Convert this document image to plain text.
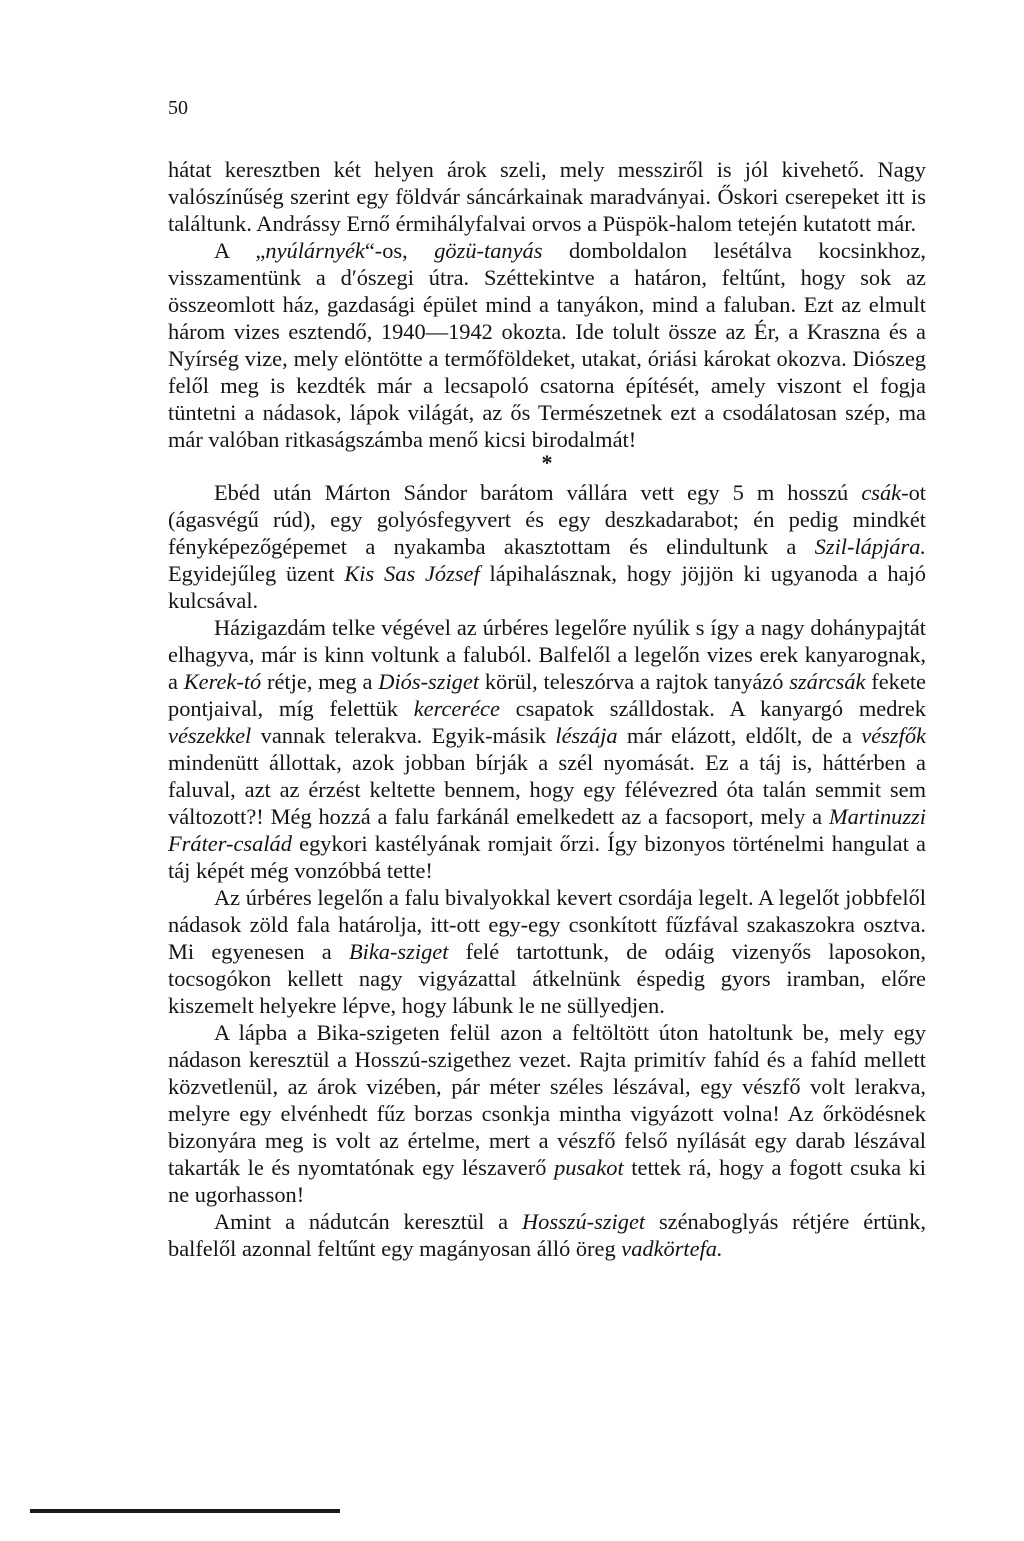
50

hátat keresztben két helyen árok szeli, mely messziről is jól kivehető. Nagy valószínűség szerint egy földvár sáncárkainak maradványai. Őskori cserepeket itt is találtunk. Andrássy Ernő érmihályfalvai orvos a Püspök-halom tetején kutatott már.

A „nyúlárnyék“-os, gözü-tanyás domboldalon lesétálva kocsinkhoz, visszamentünk a d′ószegi útra. Széttekintve a határon, feltűnt, hogy sok az összeomlott ház, gazdasági épület mind a tanyákon, mind a faluban. Ezt az elmult három vizes esztendő, 1940—1942 okozta. Ide tolult össze az Ér, a Kraszna és a Nyírség vize, mely elöntötte a termőföldeket, utakat, óriási károkat okozva. Diószeg felől meg is kezdték már a lecsapoló csatorna építését, amely viszont el fogja tüntetni a nádasok, lápok világát, az ős Természetnek ezt a csodálatosan szép, ma már valóban ritkaságszámba menő kicsi birodalmát!

*

Ebéd után Márton Sándor barátom vállára vett egy 5 m hosszú csák-ot (ágasvégű rúd), egy golyósfegyvert és egy deszkadarabot; én pedig mindkét fényképezőgépemet a nyakamba akasztottam és elindultunk a Szil-lápjára. Egyidejűleg üzent Kis Sas József lápihalásznak, hogy jöjjön ki ugyanoda a hajó kulcsával.

Házigazdám telke végével az úrbéres legelőre nyúlik s így a nagy dohánypajtát elhagyva, már is kinn voltunk a faluból. Balfelől a legelőn vizes erek kanyarognak, a Kerek-tó rétje, meg a Diós-sziget körül, teleszórva a rajtok tanyázó szárcsák fekete pontjaival, míg felettük kercerécе csapatok szálldostak. A kanyargó medrek vészekkel vannak telerakva. Egyik-másik lészája már elázott, eldőlt, de a vészfők mindenütt állottak, azok jobban bírják a szél nyomását. Ez a táj is, háttérben a faluval, azt az érzést keltette bennem, hogy egy félévezred óta talán semmit sem változott?! Még hozzá a falu farkánál emelkedett az a facsoport, mely a Martinuzzi Fráter-család egykori kastélyának romjait őrzi. Így bizonyos történelmi hangulat a táj képét még vonzóbbá tette!

Az úrbéres legelőn a falu bivalyokkal kevert csordája legelt. A legelőt jobbfelől nádasok zöld fala határolja, itt-ott egy-egy csonkított fűzfával szakaszokra osztva. Mi egyenesen a Bika-sziget felé tartottunk, de odáig vizenyős laposokon, tocsogókon kellett nagy vigyázattal átkelnünk éspedig gyors iramban, előre kiszemelt helyekre lépve, hogy lábunk le ne süllyedjen.

A lápba a Bika-szigeten felül azon a feltöltött úton hatoltunk be, mely egy nádason keresztül a Hosszú-szigethez vezet. Rajta primitív fahíd és a fahíd mellett közvetlenül, az árok vizében, pár méter széles lészával, egy vészfő volt lerakva, melyre egy elvénhedt fűz borzas csonkja mintha vigyázott volna! Az őrködésnek bizonyára meg is volt az értelme, mert a vészfő felső nyílását egy darab lészával takarták le és nyomtatónak egy lészaverő pusakot tettek rá, hogy a fogott csuka ki ne ugorhasson!

Amint a nádutcán keresztül a Hosszú-sziget szénaboglyás rétjére értünk, balfelől azonnal feltűnt egy magányosan álló öreg vadkörtefa.
